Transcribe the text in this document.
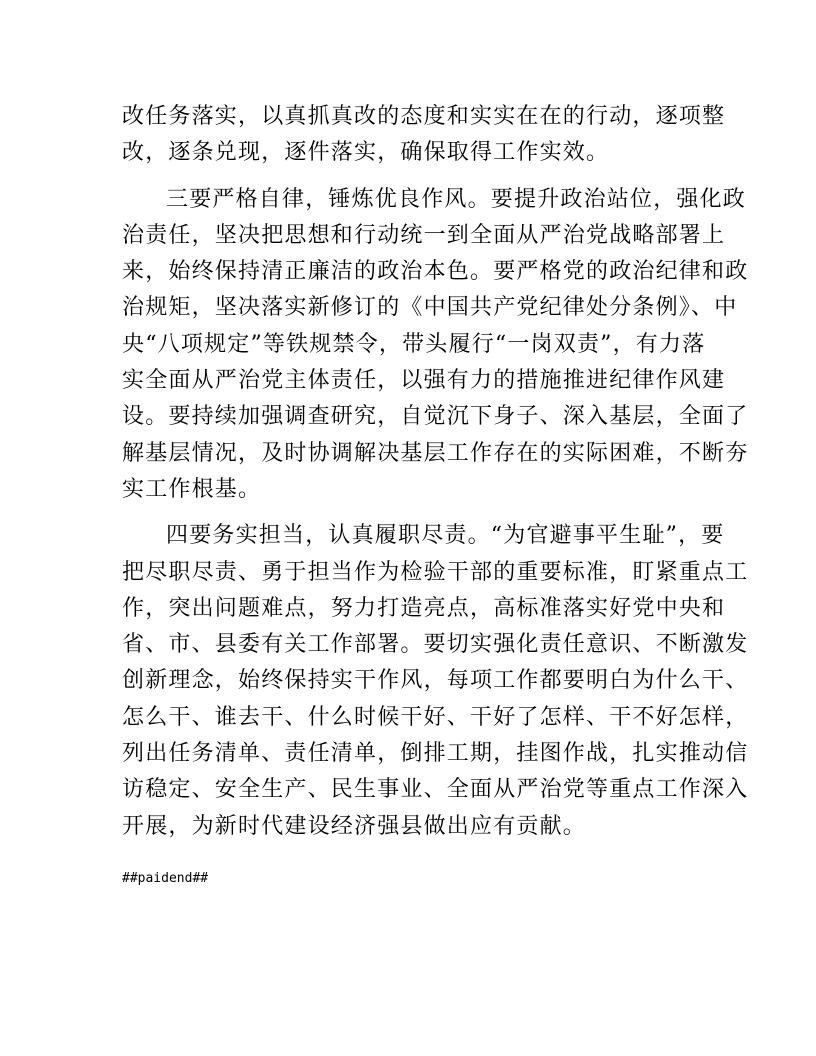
改任务落实，以真抓真改的态度和实实在在的行动，逐项整
改，逐条兑现，逐件落实，确保取得工作实效。
三要严格自律，锤炼优良作风。要提升政治站位，强化政
治责任，坚决把思想和行动统一到全面从严治党战略部署上
来，始终保持清正廉洁的政治本色。要严格党的政治纪律和政
治规矩，坚决落实新修订的《中国共产党纪律处分条例》、中
央“八项规定”等铁规禁令，带头履行“一岗双责”，有力落
实全面从严治党主体责任，以强有力的措施推进纪律作风建
设。要持续加强调查研究，自觉沉下身子、深入基层，全面了
解基层情况，及时协调解决基层工作存在的实际困难，不断夯
实工作根基。
四要务实担当，认真履职尽责。“为官避事平生耻”，要
把尽职尽责、勇于担当作为检验干部的重要标准，盯紧重点工
作，突出问题难点，努力打造亮点，高标准落实好党中央和
省、市、县委有关工作部署。要切实强化责任意识、不断激发
创新理念，始终保持实干作风，每项工作都要明白为什么干、
怎么干、谁去干、什么时候干好、干好了怎样、干不好怎样，
列出任务清单、责任清单，倒排工期，挂图作战，扎实推动信
访稳定、安全生产、民生事业、全面从严治党等重点工作深入
开展，为新时代建设经济强县做出应有贡献。
##paidend##
